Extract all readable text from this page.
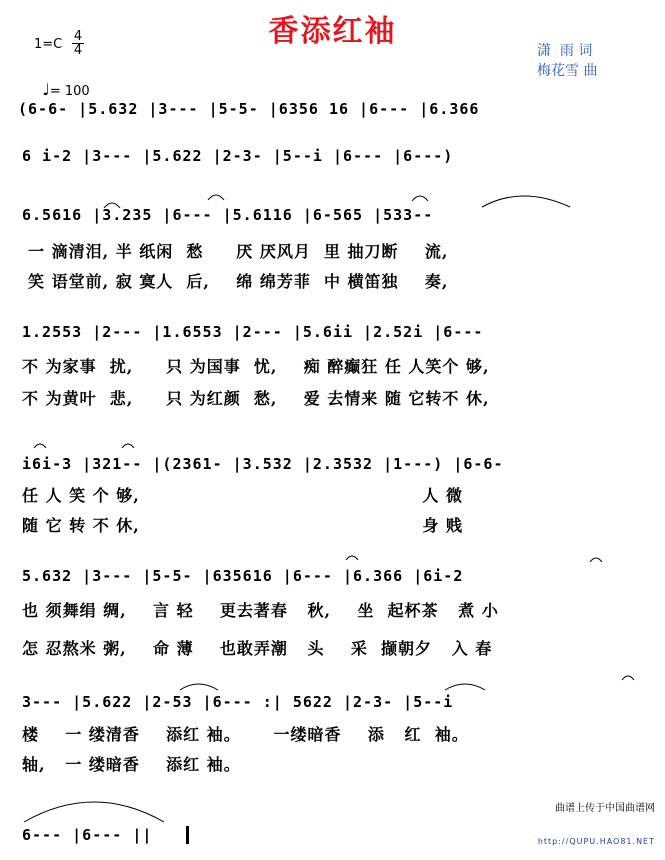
香添红袖
$1=C \frac{4}{4}$

♩= 100

潇  雨 词
梅花雪 曲
(6-6- |5.632 |3--- |5-5- |6356 16 |6--- |6.366
6 i-2 |3--- |5.622 |2-3- |5--i |6--- |6---)
6.5616 |3.235 |6--- |5.6116 |6-565 |533--
一 滴清泪, 半 纸闲  愁     厌 厌风月  里 抽刀断    流,
笑 语堂前, 寂 寞人  后,    绵 绵芳菲  中 横笛独    奏,
1.2553 |2--- |1.6553 |2--- |5.6ii |2.52i |6---
不 为家事  扰,     只 为国事  忧,    痴 醉癫狂 任 人笑个 够,
不 为黄叶  悲,     只 为红颜  愁,    爱 去情来 随 它转不 休,
i6i-3 |321-- |(2361- |3.532 |2.3532 |1---) |6-6-
任 人 笑 个 够,                                           人 微
随 它 转 不 休,                                           身 贱
5.632 |3--- |5-5- |635616 |6--- |6.366 |6i-2
也 须舞绢 绸,    言 轻    更去著春   秋,    坐  起杯茶   煮 小
怎 忍熬米 粥,    命 薄    也敢弄潮   头    采  撷朝夕   入 春
3--- |5.622 |2-53 |6--- :| 5622 |2-3- |5--i
楼    一 缕清香    添红 袖。     一缕暗香    添   红  袖。
轴,   一 缕暗香    添红 袖。
6--- |6--- ||

曲谱上传于中国曲谱网

http://QUPU.HAO81.NET
